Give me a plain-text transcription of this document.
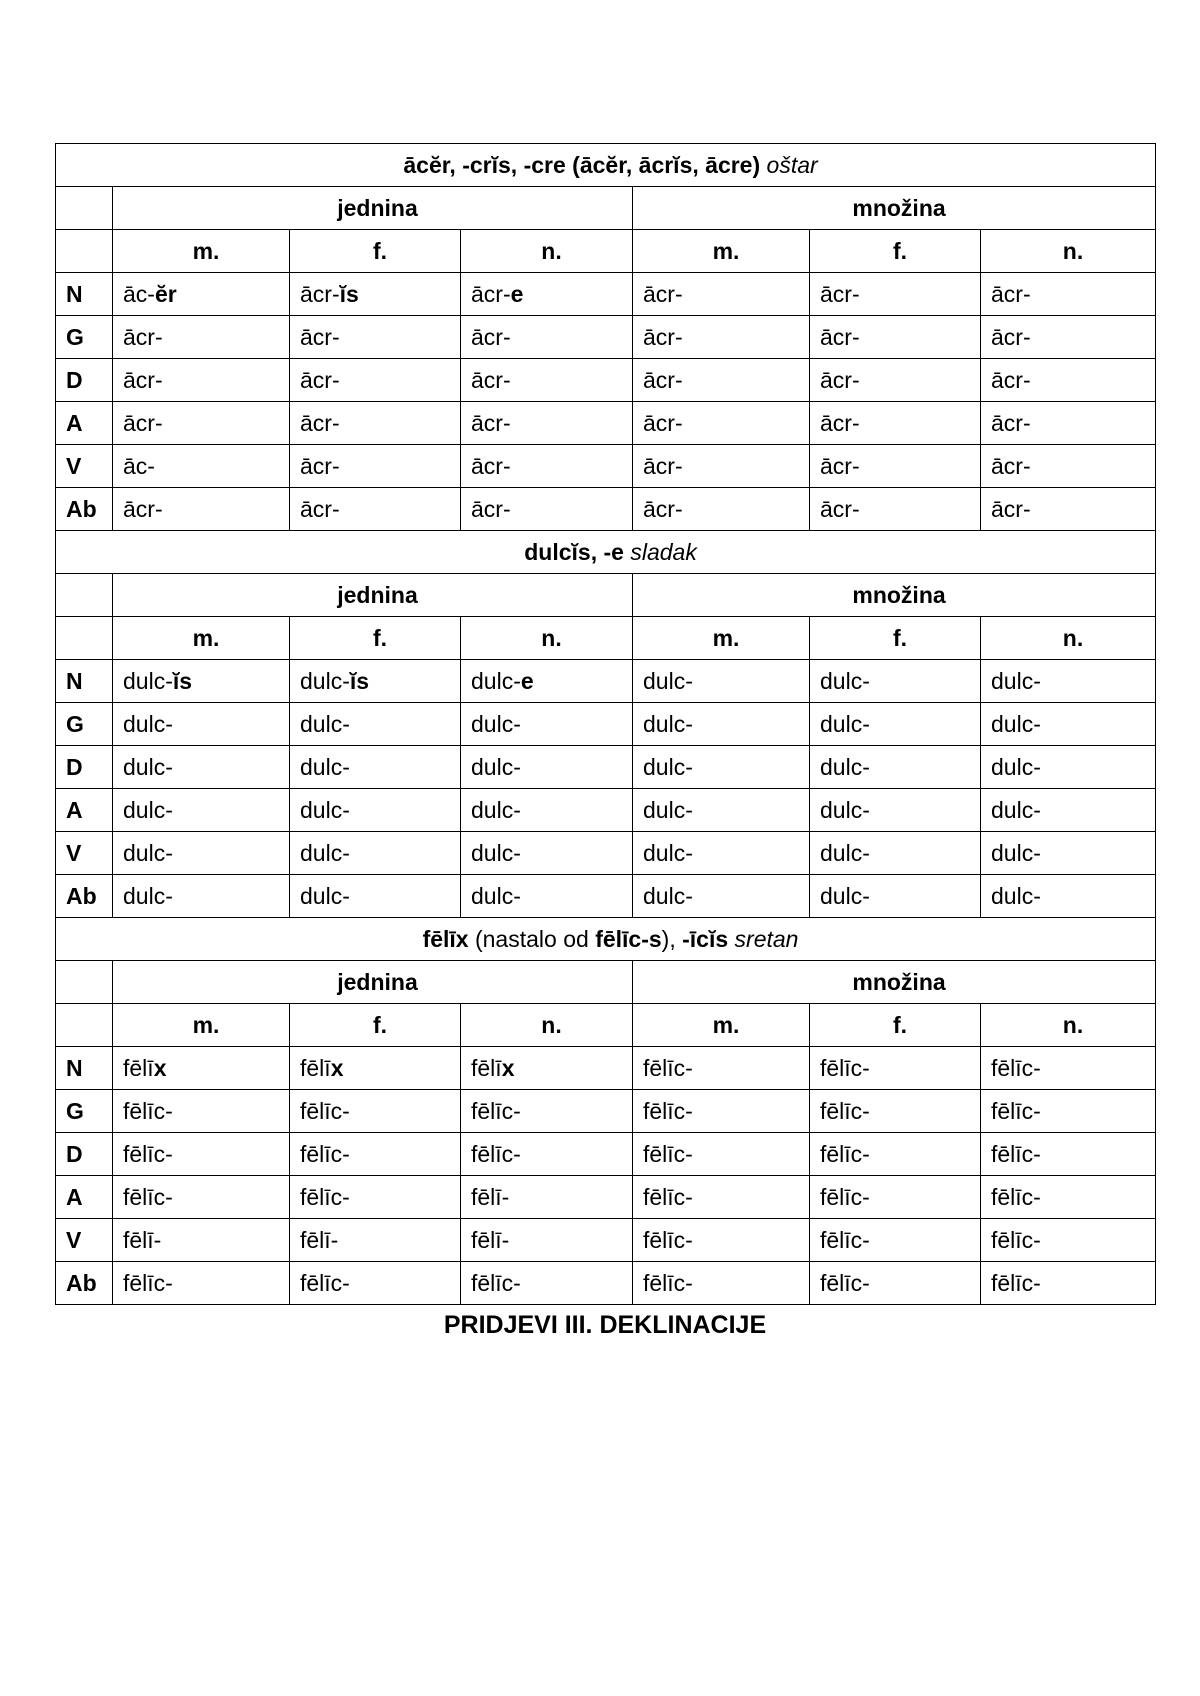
ācĕr, -crĭs, -cre (ācĕr, ācrĭs, ācre) oštar						
	jednina			množina		
	m.	f.	n.	m.	f.	n.
N	āc-ĕr	ācr-ĭs	ācr-e	ācr-	ācr-	ācr-
G	ācr-	ācr-	ācr-	ācr-	ācr-	ācr-
D	ācr-	ācr-	ācr-	ācr-	ācr-	ācr-
A	ācr-	ācr-	ācr-	ācr-	ācr-	ācr-
V	āc-	ācr-	ācr-	ācr-	ācr-	ācr-
Ab	ācr-	ācr-	ācr-	ācr-	ācr-	ācr-
dulcĭs, -e sladak						
	jednina			množina		
	m.	f.	n.	m.	f.	n.
N	dulc-ĭs	dulc-ĭs	dulc-e	dulc-	dulc-	dulc-
G	dulc-	dulc-	dulc-	dulc-	dulc-	dulc-
D	dulc-	dulc-	dulc-	dulc-	dulc-	dulc-
A	dulc-	dulc-	dulc-	dulc-	dulc-	dulc-
V	dulc-	dulc-	dulc-	dulc-	dulc-	dulc-
Ab	dulc-	dulc-	dulc-	dulc-	dulc-	dulc-
fēlīx (nastalo od fēlīc-s), -īcĭs sretan						
	jednina			množina		
	m.	f.	n.	m.	f.	n.
N	fēlīx	fēlīx	fēlīx	fēlīc-	fēlīc-	fēlīc-
G	fēlīc-	fēlīc-	fēlīc-	fēlīc-	fēlīc-	fēlīc-
D	fēlīc-	fēlīc-	fēlīc-	fēlīc-	fēlīc-	fēlīc-
A	fēlīc-	fēlīc-	fēlī-	fēlīc-	fēlīc-	fēlīc-
V	fēlī-	fēlī-	fēlī-	fēlīc-	fēlīc-	fēlīc-
Ab	fēlīc-	fēlīc-	fēlīc-	fēlīc-	fēlīc-	fēlīc-
PRIDJEVI III. DEKLINACIJE
